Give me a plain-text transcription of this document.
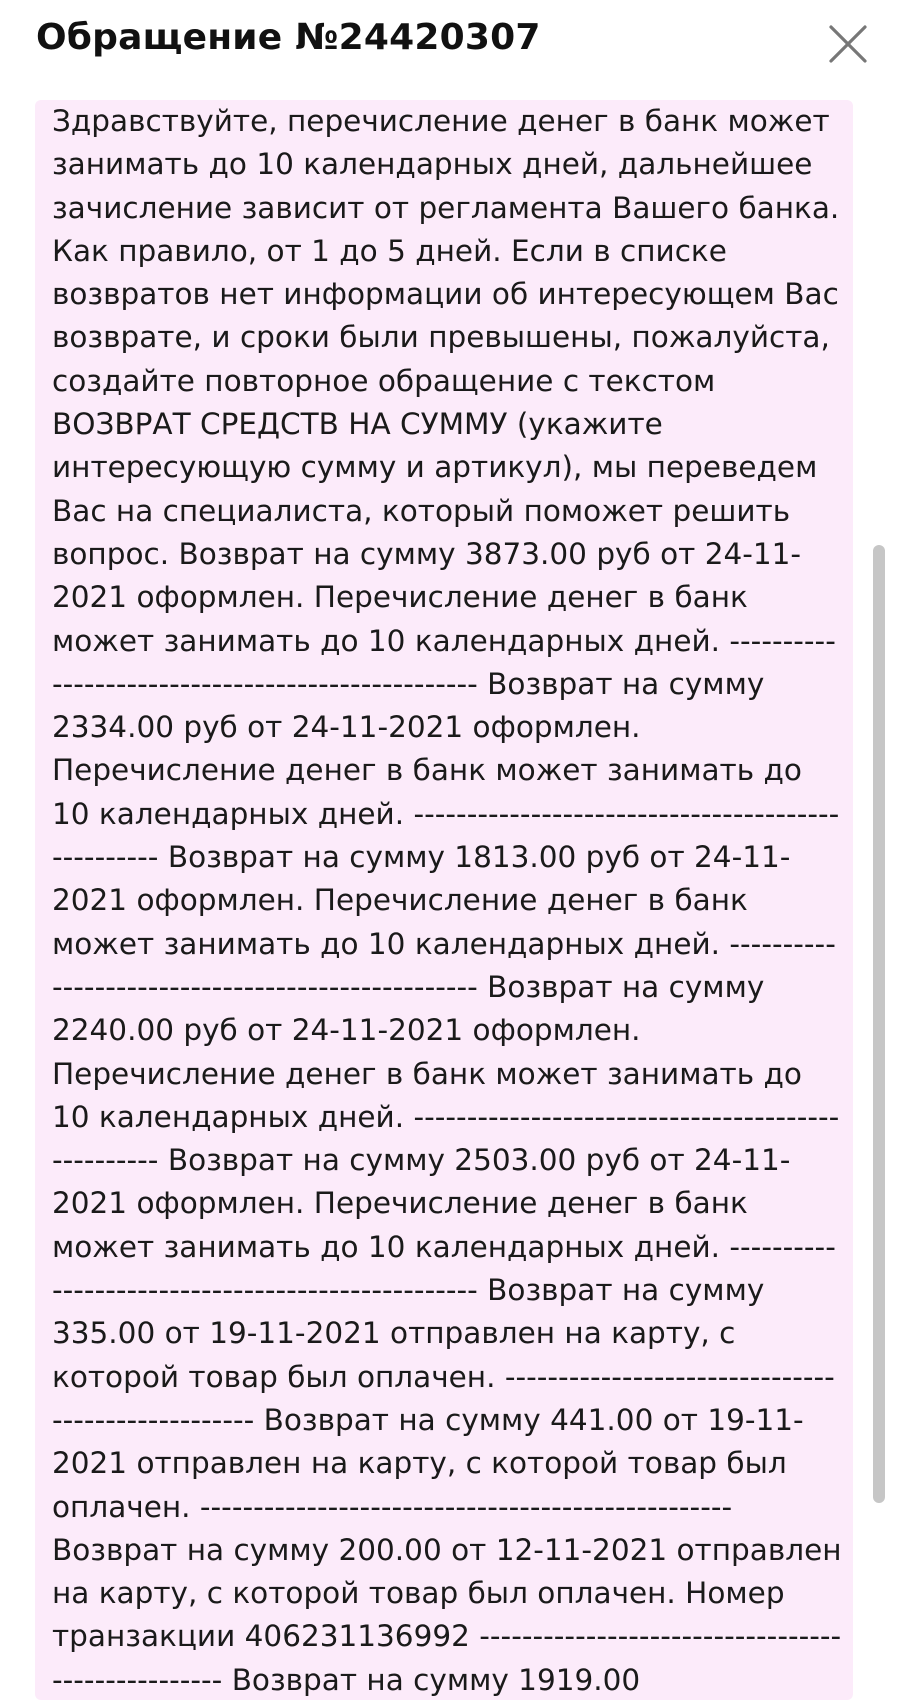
Обращение №24420307

Здравствуйте, перечисление денег в банк может занимать до 10 календарных дней, дальнейшее зачисление зависит от регламента Вашего банка. Как правило, от 1 до 5 дней. Если в списке возвратов нет информации об интересующем Вас возврате, и сроки были превышены, пожалуйста, создайте повторное обращение с текстом ВОЗВРАТ СРЕДСТВ НА СУММУ (укажите интересующую сумму и артикул), мы переведем Вас на специалиста, который поможет решить вопрос. Возврат на сумму 3873.00 руб от 24-11-2021 оформлен. Перечисление денег в банк может занимать до 10 календарных дней. -------------------------------------------------- Возврат на сумму 2334.00 руб от 24-11-2021 оформлен. Перечисление денег в банк может занимать до 10 календарных дней. -------------------------------------------------- Возврат на сумму 1813.00 руб от 24-11-2021 оформлен. Перечисление денег в банк может занимать до 10 календарных дней. -------------------------------------------------- Возврат на сумму 2240.00 руб от 24-11-2021 оформлен. Перечисление денег в банк может занимать до 10 календарных дней. -------------------------------------------------- Возврат на сумму 2503.00 руб от 24-11-2021 оформлен. Перечисление денег в банк может занимать до 10 календарных дней. -------------------------------------------------- Возврат на сумму 335.00 от 19-11-2021 отправлен на карту, с которой товар был оплачен. -------------------------------------------------- Возврат на сумму 441.00 от 19-11-2021 отправлен на карту, с которой товар был оплачен. -------------------------------------------------- Возврат на сумму 200.00 от 12-11-2021 отправлен на карту, с которой товар был оплачен. Номер транзакции 406231136992 -------------------------------------------------- Возврат на сумму 1919.00
